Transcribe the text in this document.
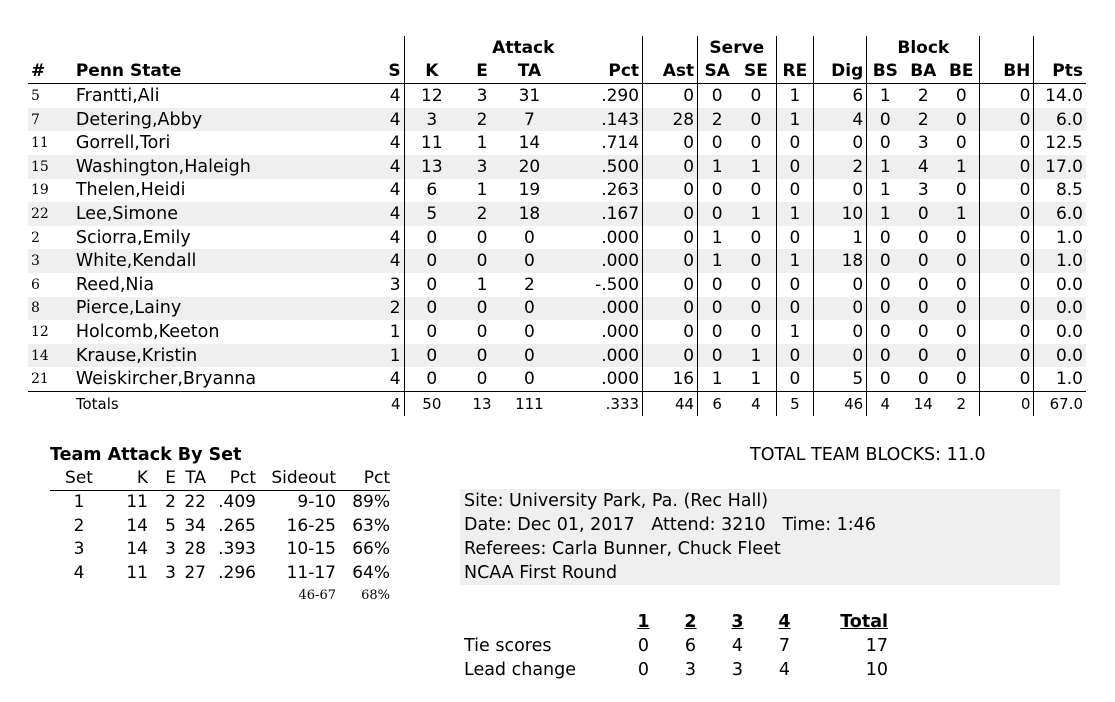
			Attack					Serve				Block				
#	Penn State	S	K	E	TA	Pct	Ast	SA	SE	RE	Dig	BS	BA	BE	BH	Pts
5	Frantti,Ali	4	12	3	31	.290	0	0	0	1	6	1	2	0	0	14.0
7	Detering,Abby	4	3	2	7	.143	28	2	0	1	4	0	2	0	0	6.0
11	Gorrell,Tori	4	11	1	14	.714	0	0	0	0	0	0	3	0	0	12.5
15	Washington,Haleigh	4	13	3	20	.500	0	1	1	0	2	1	4	1	0	17.0
19	Thelen,Heidi	4	6	1	19	.263	0	0	0	0	0	1	3	0	0	8.5
22	Lee,Simone	4	5	2	18	.167	0	0	1	1	10	1	0	1	0	6.0
2	Sciorra,Emily	4	0	0	0	.000	0	1	0	0	1	0	0	0	0	1.0
3	White,Kendall	4	0	0	0	.000	0	1	0	1	18	0	0	0	0	1.0
6	Reed,Nia	3	0	1	2	-.500	0	0	0	0	0	0	0	0	0	0.0
8	Pierce,Lainy	2	0	0	0	.000	0	0	0	0	0	0	0	0	0	0.0
12	Holcomb,Keeton	1	0	0	0	.000	0	0	0	1	0	0	0	0	0	0.0
14	Krause,Kristin	1	0	0	0	.000	0	0	1	0	0	0	0	0	0	0.0
21	Weiskircher,Bryanna	4	0	0	0	.000	16	1	1	0	5	0	0	0	0	1.0
	Totals	4	50	13	111	.333	44	6	4	5	46	4	14	2	0	67.0
Team Attack By Set
Set	K	E	TA	Pct	Sideout	Pct
1	11	2	22	.409	9-10	89%
2	14	5	34	.265	16-25	63%
3	14	3	28	.393	10-15	66%
4	11	3	27	.296	11-17	64%
					46-67	68%
TOTAL TEAM BLOCKS: 11.0
Site: University Park, Pa. (Rec Hall)
Date: Dec 01, 2017   Attend: 3210   Time: 1:46
Referees: Carla Bunner, Chuck Fleet
NCAA First Round
	1	2	3	4	Total
Tie scores	0	6	4	7	17
Lead change	0	3	3	4	10
